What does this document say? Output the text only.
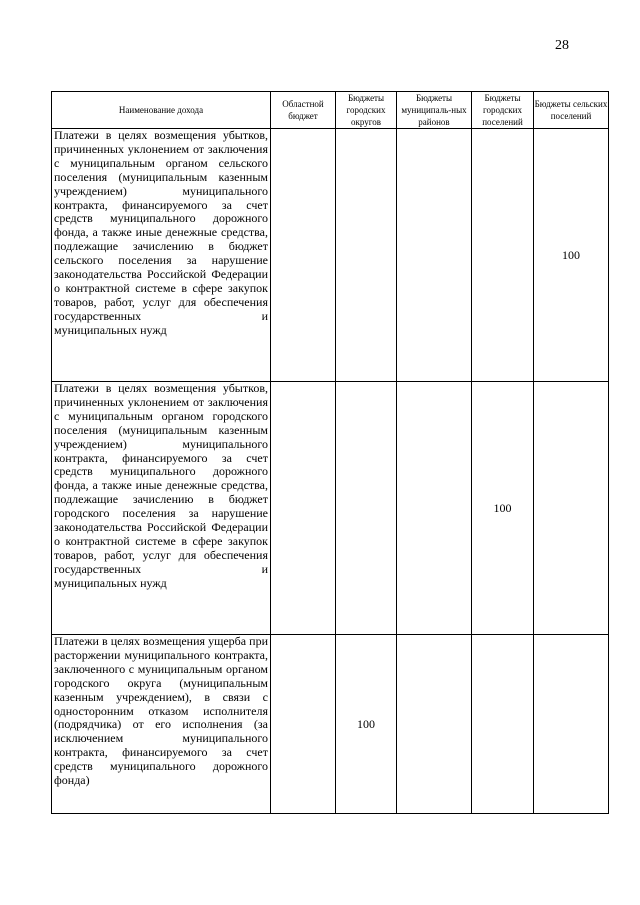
28
Наименование дохода	Областной бюджет	Бюджеты городских округов	Бюджеты муниципаль-ных районов	Бюджеты городских поселений	Бюджеты сельских поселений
Платежи в целях возмещения убытков, причиненных уклонением от заключения с муниципальным органом сельского поселения (муниципальным казенным учреждением) муниципального контракта, финансируемого за счет средств муниципального дорожного фонда, а также иные денежные средства, подлежащие зачислению в бюджет сельского поселения за нарушение законодательства Российской Федерации о контрактной системе в сфере закупок товаров, работ, услуг для обеспечения государственных и
муниципальных нужд					100
Платежи в целях возмещения убытков, причиненных уклонением от заключения с муниципальным органом городского поселения (муниципальным казенным учреждением) муниципального контракта, финансируемого за счет средств муниципального дорожного фонда, а также иные денежные средства, подлежащие зачислению в бюджет городского поселения за нарушение законодательства Российской Федерации о контрактной системе в сфере закупок товаров, работ, услуг для обеспечения государственных и
муниципальных нужд				100	
Платежи в целях возмещения ущерба при расторжении муниципального контракта, заключенного с муниципальным органом городского округа (муниципальным казенным учреждением), в связи с односторонним отказом исполнителя (подрядчика) от его исполнения (за исключением муниципального контракта, финансируемого за счет средств муниципального дорожного
фонда)		100			
